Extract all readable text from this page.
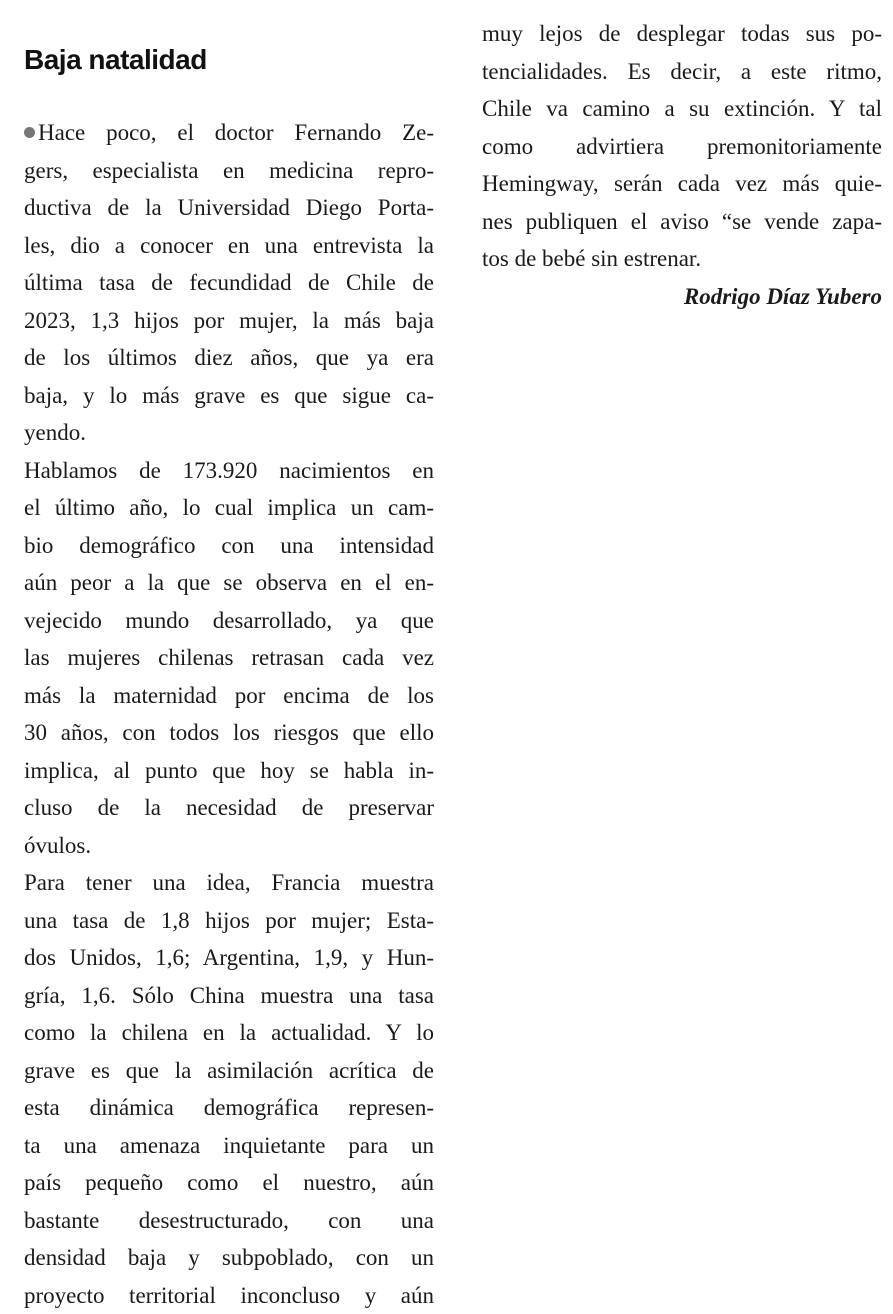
Baja natalidad
Hace poco, el doctor Fernando Ze-
gers, especialista en medicina repro-
ductiva de la Universidad Diego Porta-
les, dio a conocer en una entrevista la
última tasa de fecundidad de Chile de
2023, 1,3 hijos por mujer, la más baja
de los últimos diez años, que ya era
baja, y lo más grave es que sigue ca-
yendo.
Hablamos de 173.920 nacimientos en
el último año, lo cual implica un cam-
bio demográfico con una intensidad
aún peor a la que se observa en el en-
vejecido mundo desarrollado, ya que
las mujeres chilenas retrasan cada vez
más la maternidad por encima de los
30 años, con todos los riesgos que ello
implica, al punto que hoy se habla in-
cluso de la necesidad de preservar
óvulos.
Para tener una idea, Francia muestra
una tasa de 1,8 hijos por mujer; Esta-
dos Unidos, 1,6; Argentina, 1,9, y Hun-
gría, 1,6. Sólo China muestra una tasa
como la chilena en la actualidad. Y lo
grave es que la asimilación acrítica de
esta dinámica demográfica represen-
ta una amenaza inquietante para un
país pequeño como el nuestro, aún
bastante desestructurado, con una
densidad baja y subpoblado, con un
proyecto territorial inconcluso y aún
muy lejos de desplegar todas sus po-
tencialidades. Es decir, a este ritmo,
Chile va camino a su extinción. Y tal
como advirtiera premonitoriamente
Hemingway, serán cada vez más quie-
nes publiquen el aviso “se vende zapa-
tos de bebé sin estrenar.
Rodrigo Díaz Yubero
